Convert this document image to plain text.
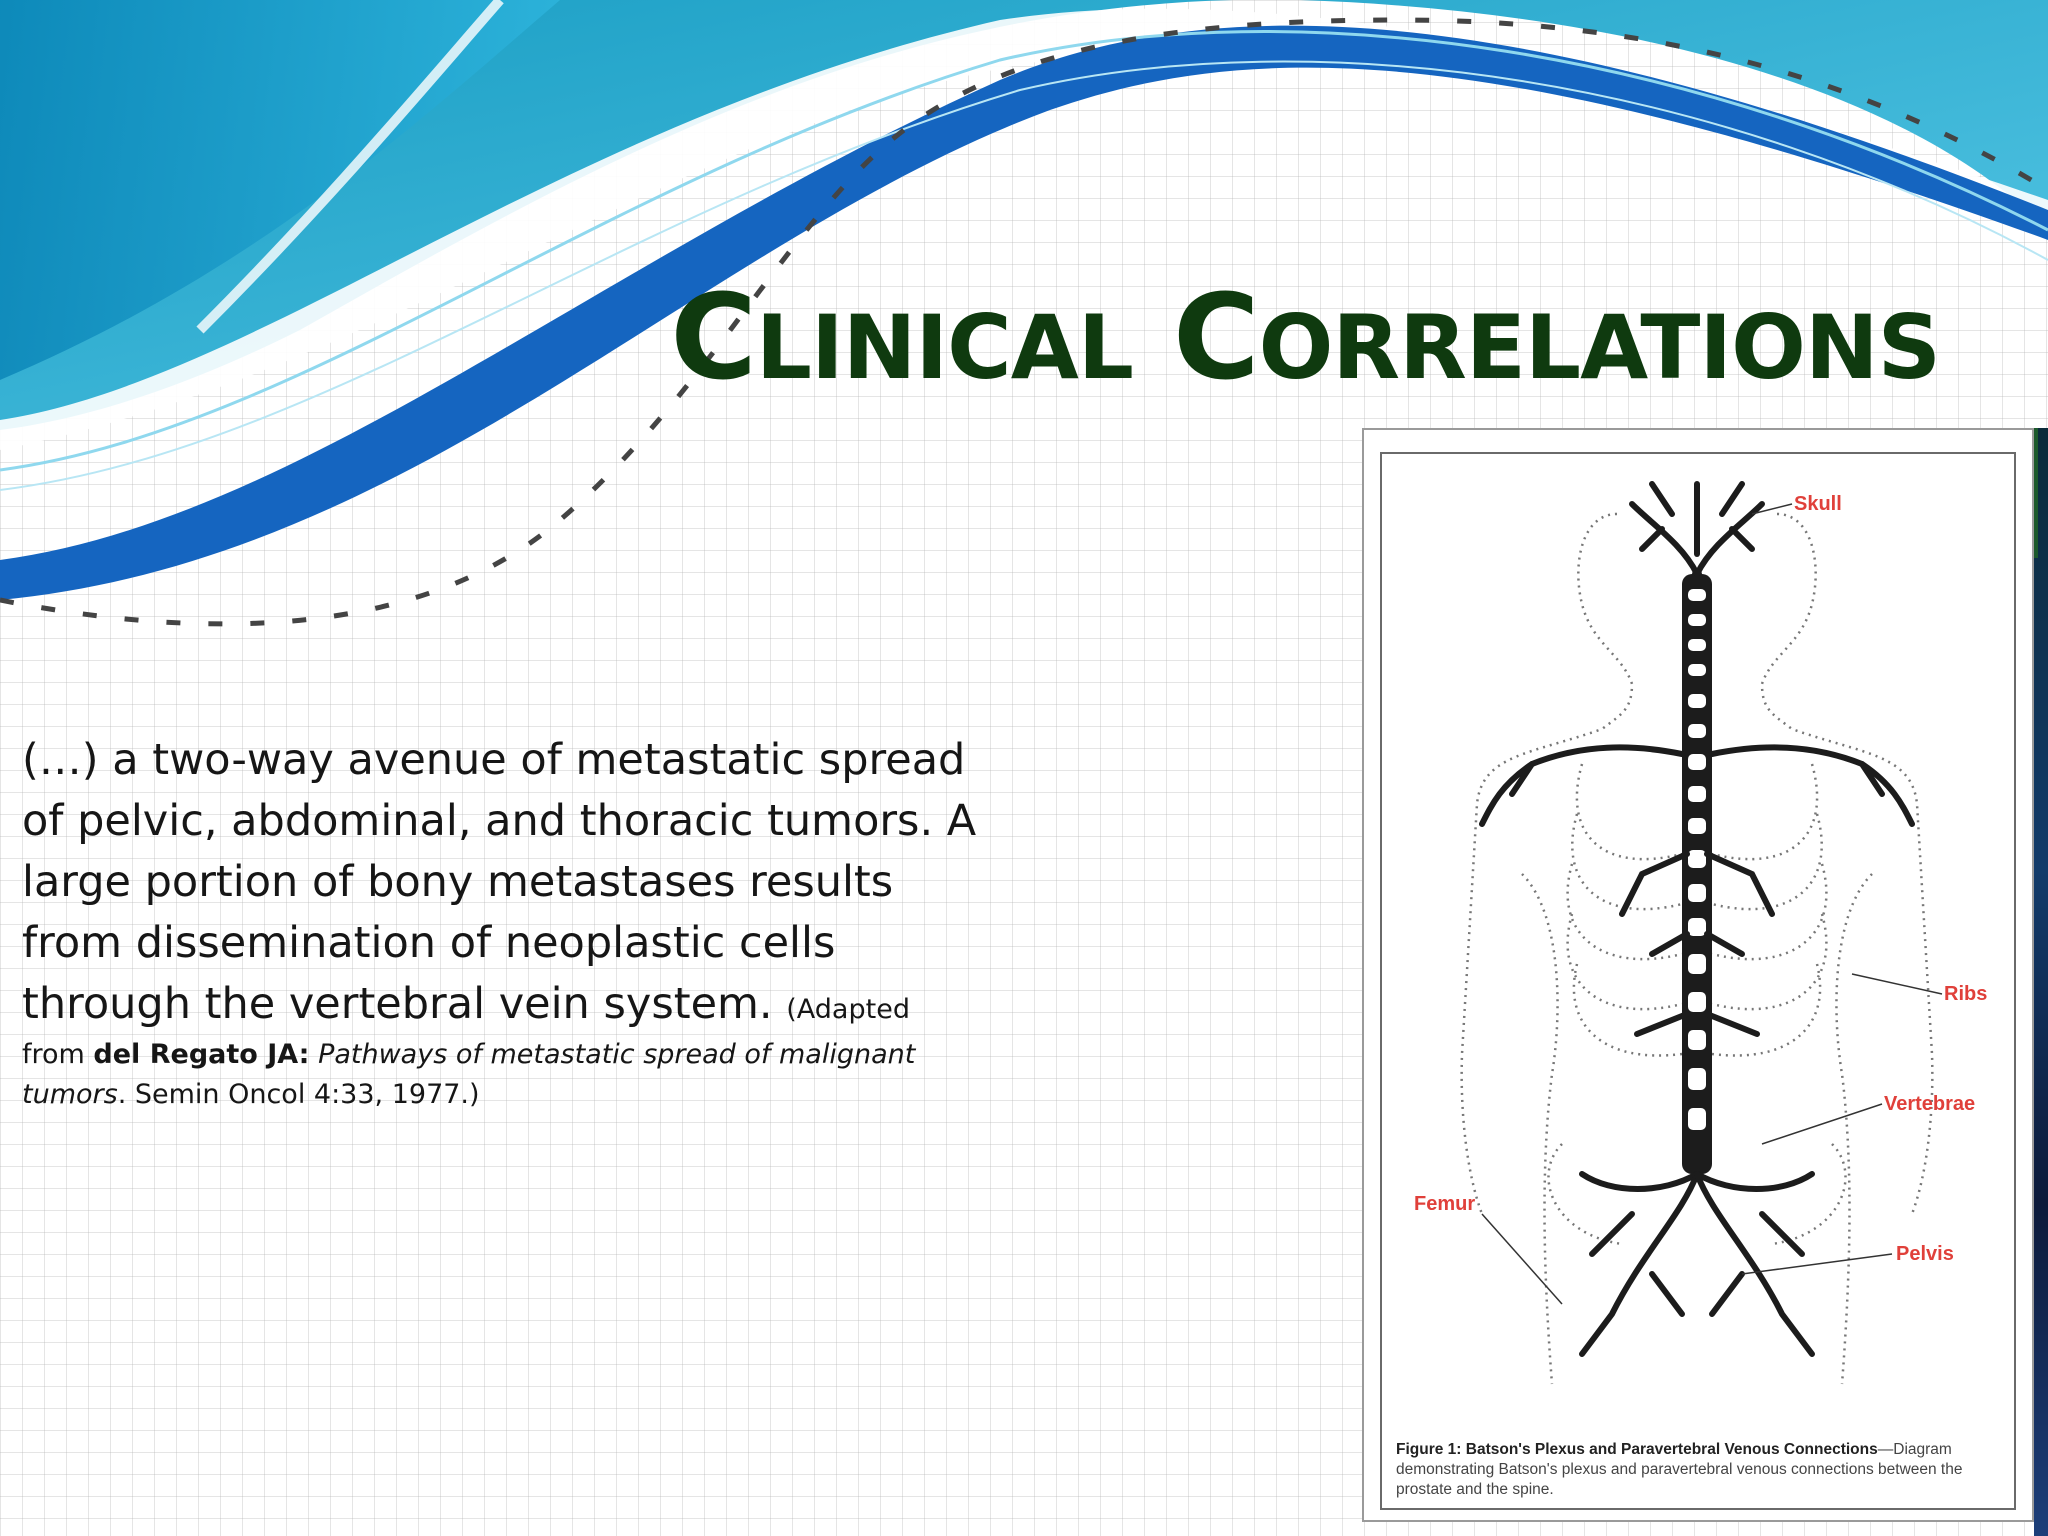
CLINICAL CORRELATIONS
(…) a two-way avenue of metastatic spread of pelvic, abdominal, and thoracic tumors. A large portion of bony metastases results from dissemination of neoplastic cells through the vertebral vein system. (Adapted
from del Regato JA: Pathways of metastatic spread of malignant tumors. Semin Oncol 4:33, 1977.)
Skull
Ribs
Vertebrae
Femur
Pelvis
Figure 1: Batson's Plexus and Paravertebral Venous Connections—Diagram demonstrating Batson's plexus and paravertebral venous connections between the prostate and the spine.
